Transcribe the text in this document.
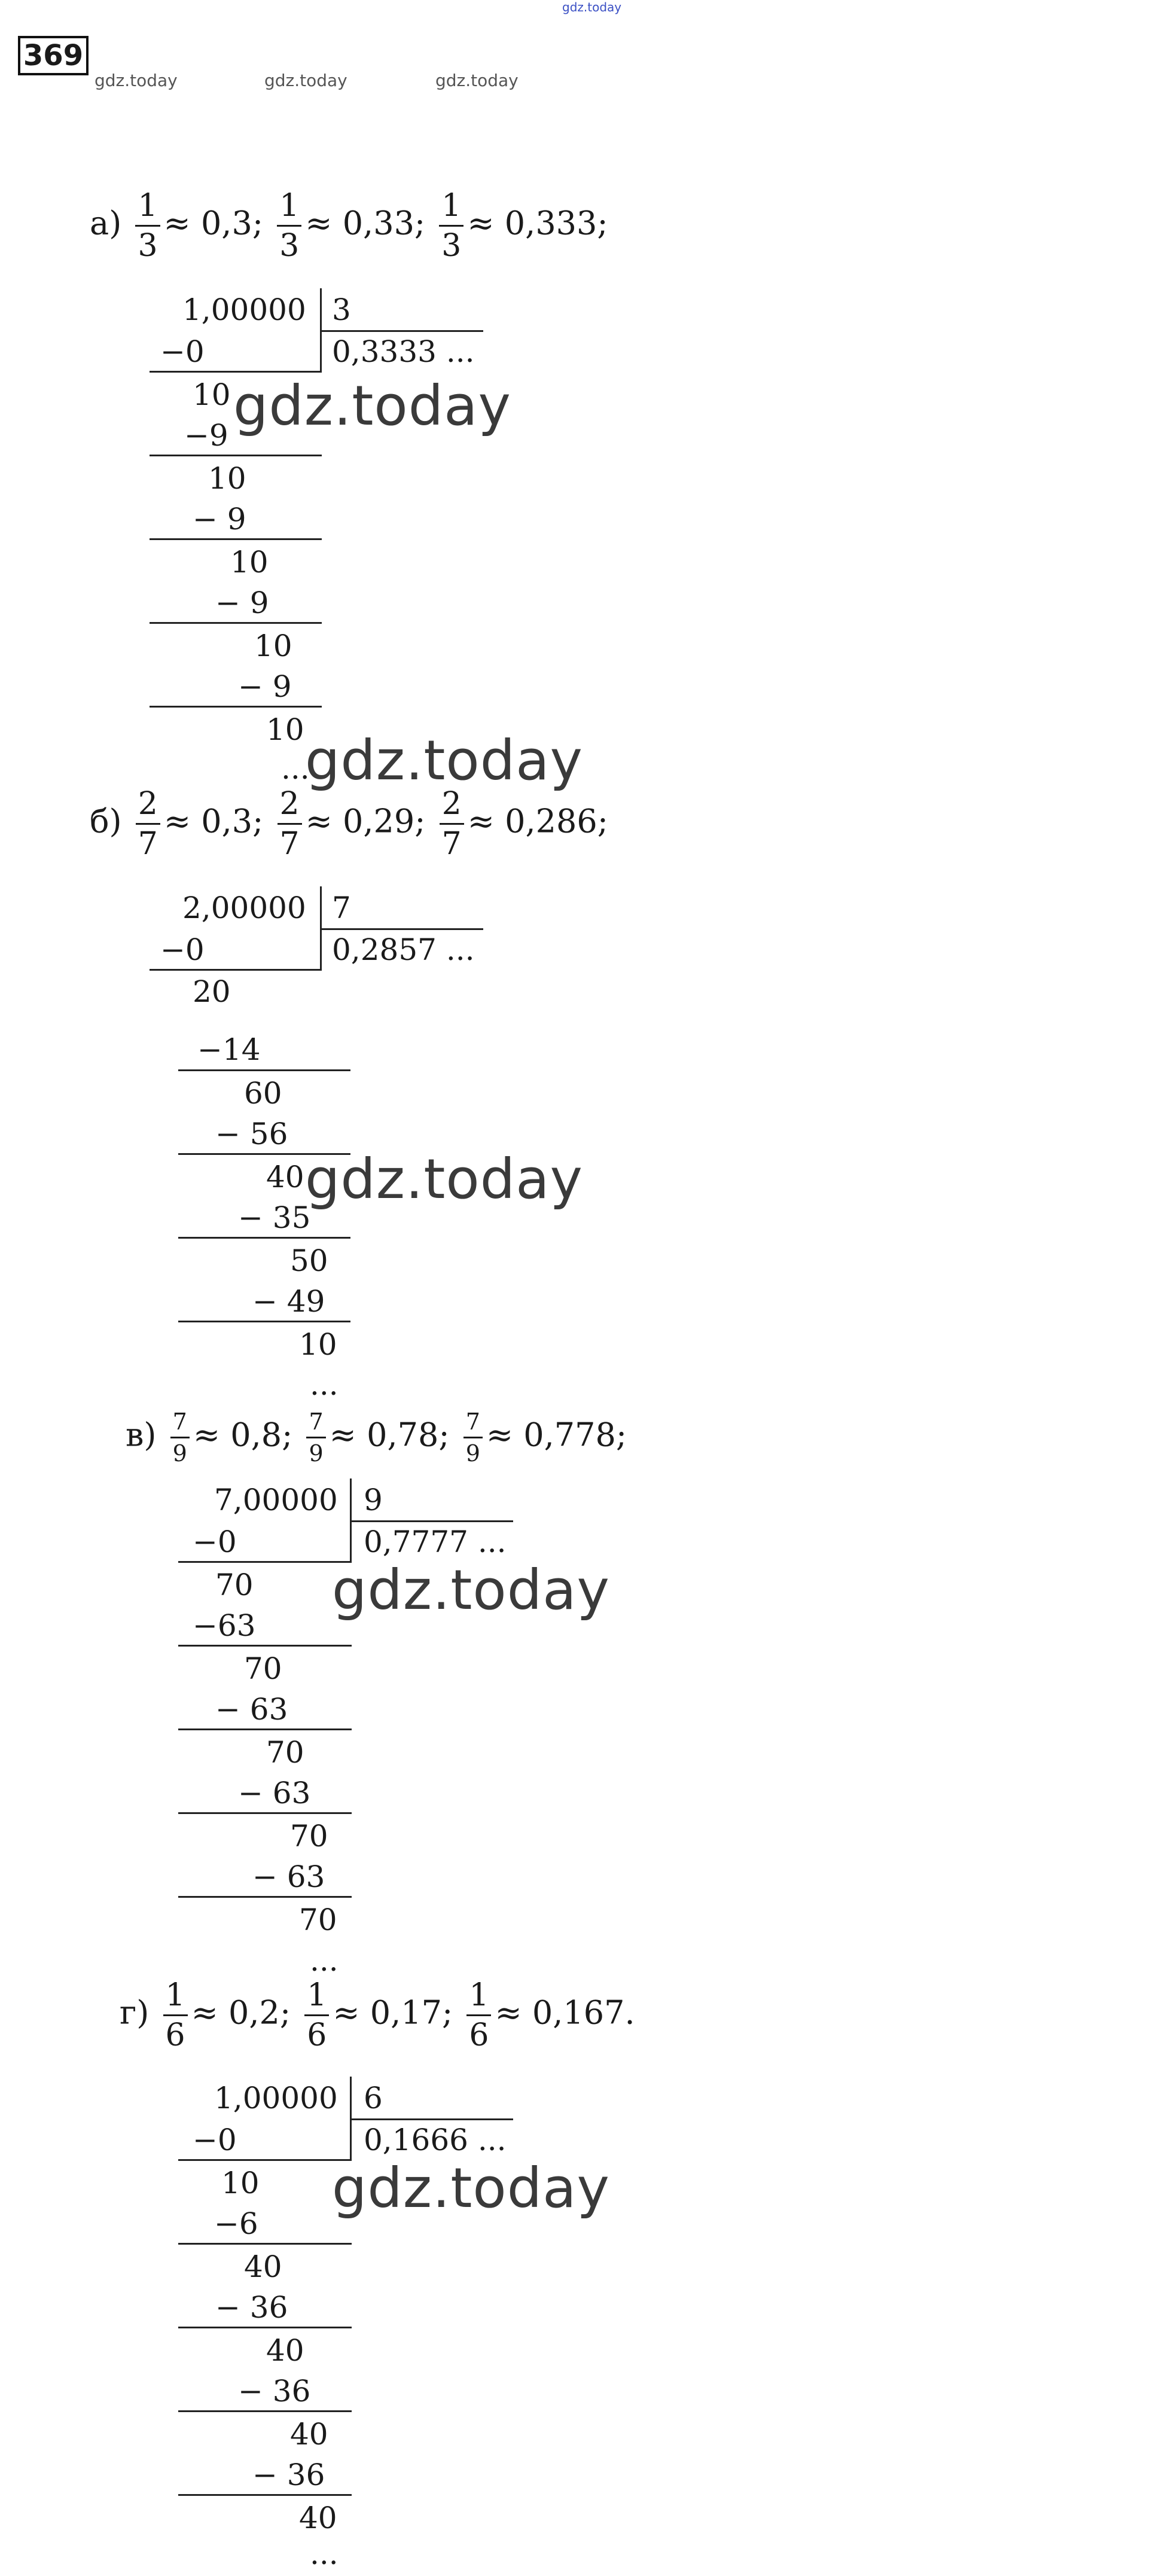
gdz.today
369
gdz.today	gdz.today	gdz.today
$а) \frac{1}{3} \approx 0,3$; $\frac{1}{3} \approx 0,33$; $\frac{1}{3} \approx 0,333$;
1,00000 3
0,3333 ...
−0
10
−9
10
− 9
10
− 9
10
− 9
10
...
gdz.today
gdz.today
$б) \frac{2}{7} \approx 0,3$; $\frac{2}{7} \approx 0,29$; $\frac{2}{7} \approx 0,286$;
2,00000 7
0,2857 ...
−0
20
−14
60
− 56
40
− 35
50
− 49
10
...
gdz.today
$в) \frac{7}{9} \approx 0,8$; $\frac{7}{9} \approx 0,78$; $\frac{7}{9} \approx 0,778$;
7,00000 9
0,7777 ...
−0
70
−63
70
− 63
70
− 63
70
− 63
70
...
gdz.today
$г) \frac{1}{6} \approx 0,2$; $\frac{1}{6} \approx 0,17$; $\frac{1}{6} \approx 0,167$.
1,00000 6
0,1666 ...
−0
10
−6
40
− 36
40
− 36
40
− 36
40
...
gdz.today
